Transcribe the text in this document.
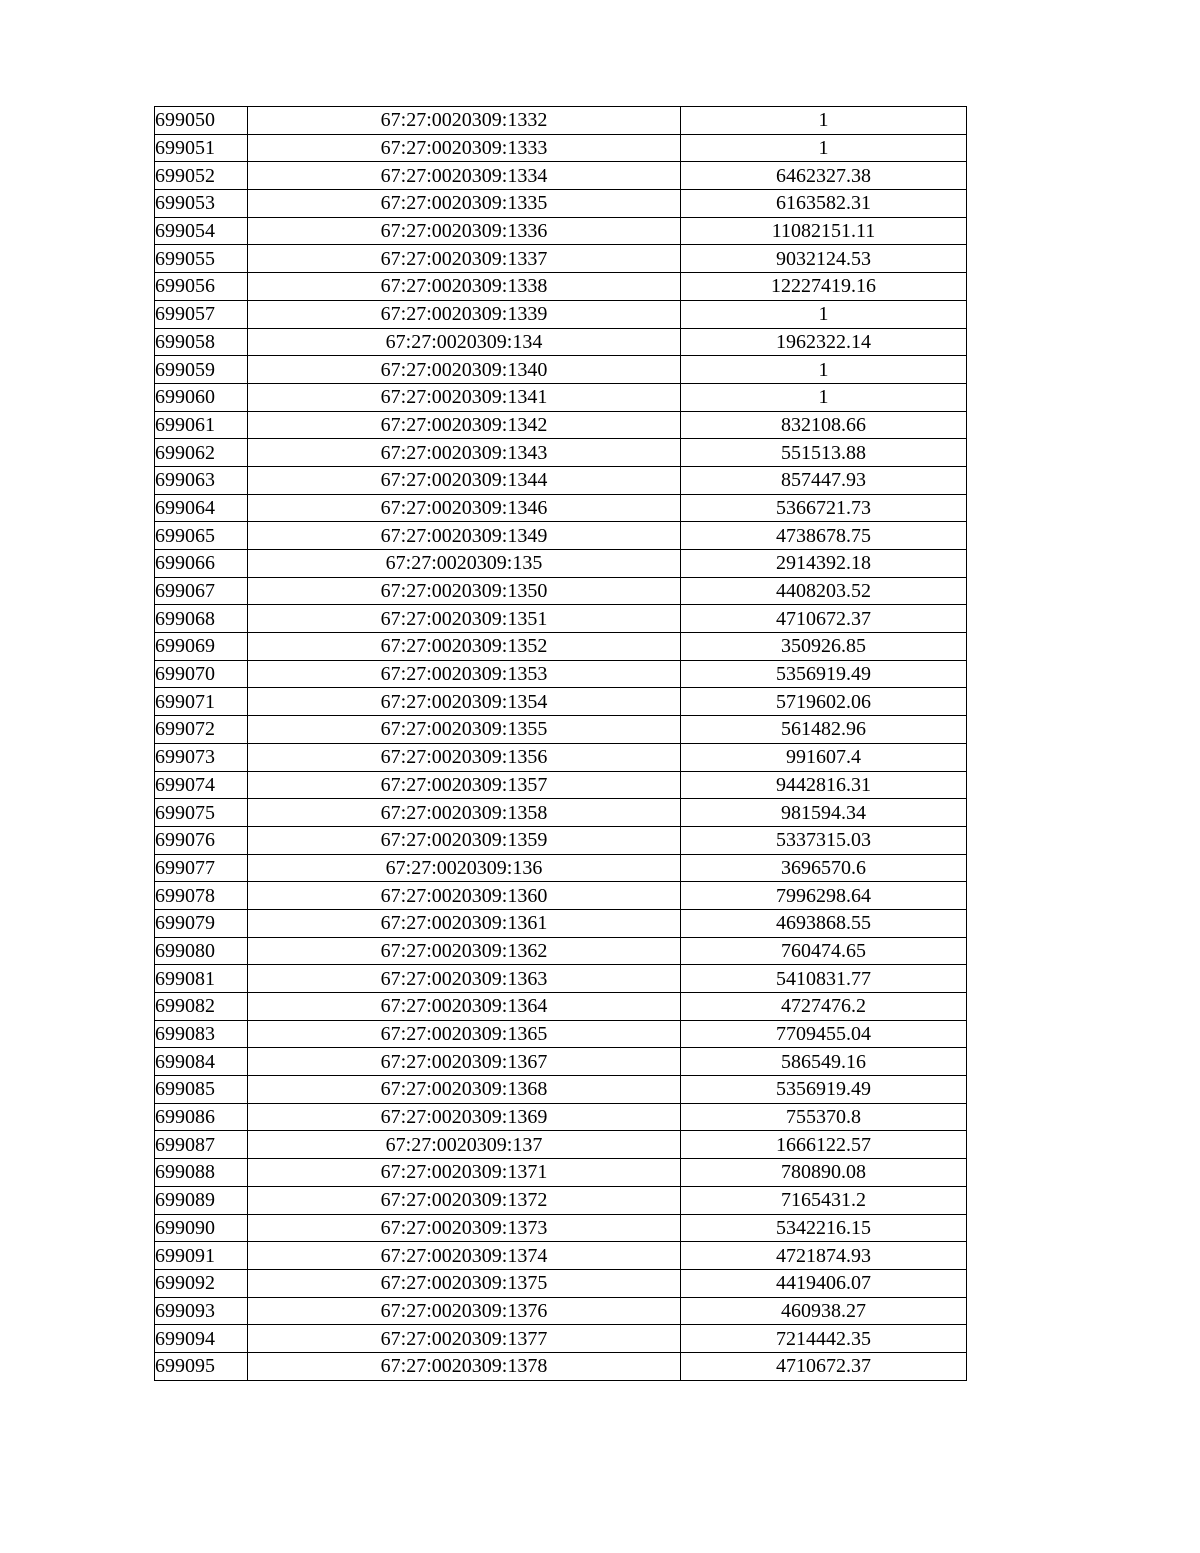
699050	67:27:0020309:1332	1
699051	67:27:0020309:1333	1
699052	67:27:0020309:1334	6462327.38
699053	67:27:0020309:1335	6163582.31
699054	67:27:0020309:1336	11082151.11
699055	67:27:0020309:1337	9032124.53
699056	67:27:0020309:1338	12227419.16
699057	67:27:0020309:1339	1
699058	67:27:0020309:134	1962322.14
699059	67:27:0020309:1340	1
699060	67:27:0020309:1341	1
699061	67:27:0020309:1342	832108.66
699062	67:27:0020309:1343	551513.88
699063	67:27:0020309:1344	857447.93
699064	67:27:0020309:1346	5366721.73
699065	67:27:0020309:1349	4738678.75
699066	67:27:0020309:135	2914392.18
699067	67:27:0020309:1350	4408203.52
699068	67:27:0020309:1351	4710672.37
699069	67:27:0020309:1352	350926.85
699070	67:27:0020309:1353	5356919.49
699071	67:27:0020309:1354	5719602.06
699072	67:27:0020309:1355	561482.96
699073	67:27:0020309:1356	991607.4
699074	67:27:0020309:1357	9442816.31
699075	67:27:0020309:1358	981594.34
699076	67:27:0020309:1359	5337315.03
699077	67:27:0020309:136	3696570.6
699078	67:27:0020309:1360	7996298.64
699079	67:27:0020309:1361	4693868.55
699080	67:27:0020309:1362	760474.65
699081	67:27:0020309:1363	5410831.77
699082	67:27:0020309:1364	4727476.2
699083	67:27:0020309:1365	7709455.04
699084	67:27:0020309:1367	586549.16
699085	67:27:0020309:1368	5356919.49
699086	67:27:0020309:1369	755370.8
699087	67:27:0020309:137	1666122.57
699088	67:27:0020309:1371	780890.08
699089	67:27:0020309:1372	7165431.2
699090	67:27:0020309:1373	5342216.15
699091	67:27:0020309:1374	4721874.93
699092	67:27:0020309:1375	4419406.07
699093	67:27:0020309:1376	460938.27
699094	67:27:0020309:1377	7214442.35
699095	67:27:0020309:1378	4710672.37
